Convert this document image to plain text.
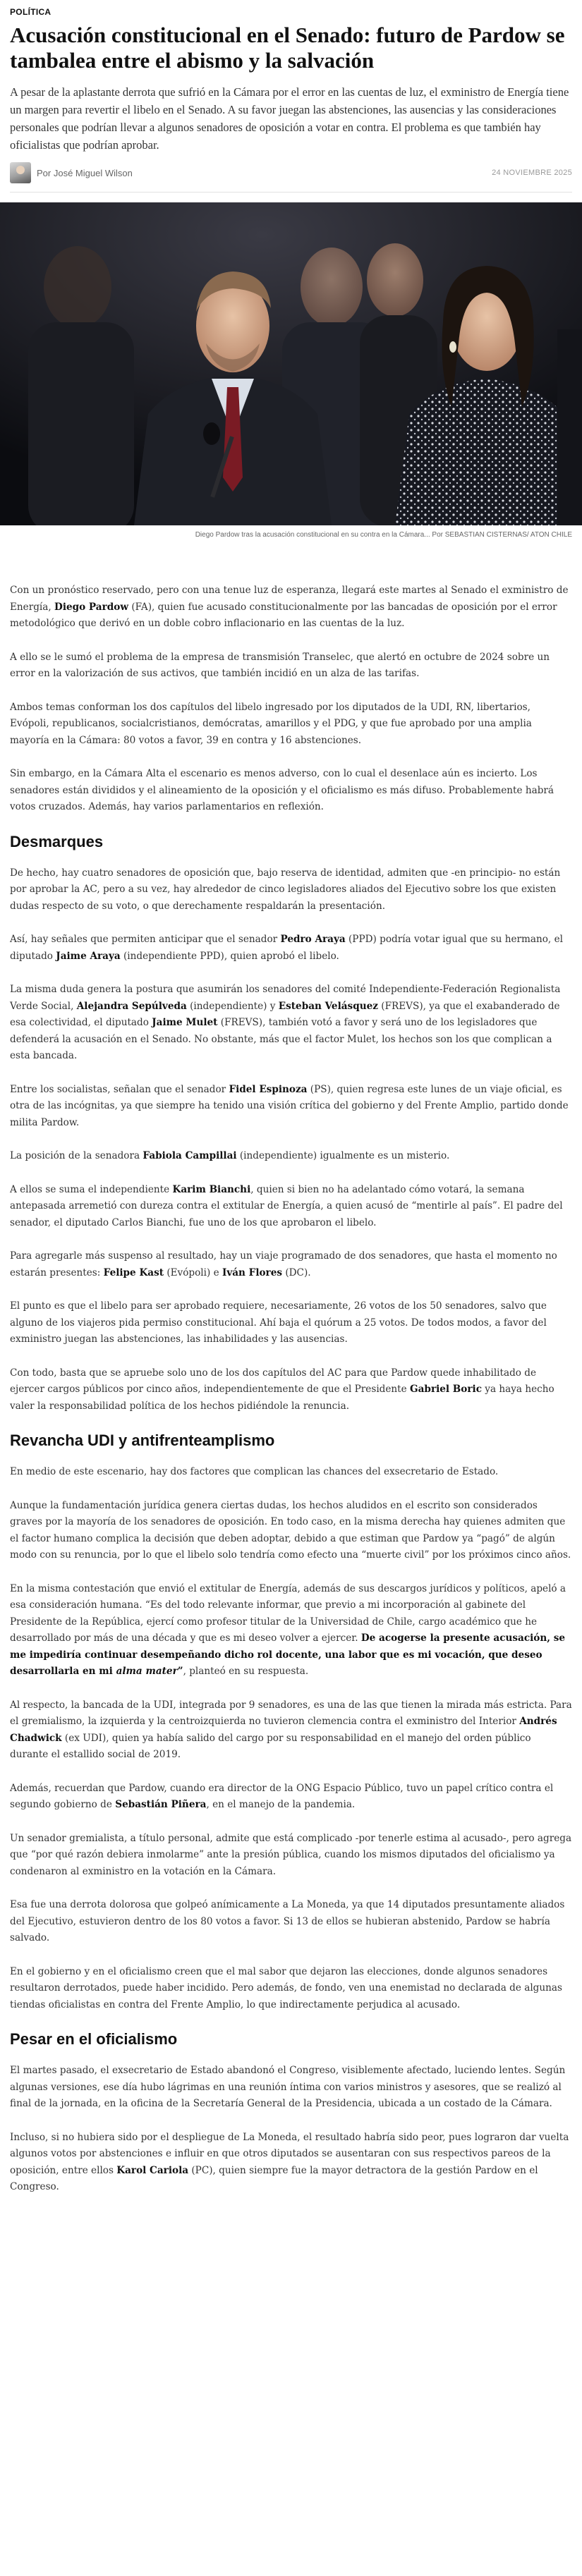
POLÍTICA
Acusación constitucional en el Senado: futuro de Pardow se tambalea entre el abismo y la salvación

A pesar de la aplastante derrota que sufrió en la Cámara por el error en las cuentas de luz, el exministro de Energía tiene un margen para revertir el libelo en el Senado. A su favor juegan las abstenciones, las ausencias y las consideraciones personales que podrían llevar a algunos senadores de oposición a votar en contra. El problema es que también hay oficialistas que podrían aprobar.

Por José Miguel Wilson	24 NOVIEMBRE 2025
Diego Pardow tras la acusación constitucional en su contra en la Cámara... Por SEBASTIAN CISTERNAS/ ATON CHILE

Con un pronóstico reservado, pero con una tenue luz de esperanza, llegará este martes al Senado el exministro de Energía, Diego Pardow (FA), quien fue acusado constitucionalmente por las bancadas de oposición por el error metodológico que derivó en un doble cobro inflacionario en las cuentas de la luz.

A ello se le sumó el problema de la empresa de transmisión Transelec, que alertó en octubre de 2024 sobre un error en la valorización de sus activos, que también incidió en un alza de las tarifas.

Ambos temas conforman los dos capítulos del libelo ingresado por los diputados de la UDI, RN, libertarios, Evópoli, republicanos, socialcristianos, demócratas, amarillos y el PDG, y que fue aprobado por una amplia mayoría en la Cámara: 80 votos a favor, 39 en contra y 16 abstenciones.

Sin embargo, en la Cámara Alta el escenario es menos adverso, con lo cual el desenlace aún es incierto. Los senadores están divididos y el alineamiento de la oposición y el oficialismo es más difuso. Probablemente habrá votos cruzados. Además, hay varios parlamentarios en reflexión.

Desmarques

De hecho, hay cuatro senadores de oposición que, bajo reserva de identidad, admiten que -en principio- no están por aprobar la AC, pero a su vez, hay alrededor de cinco legisladores aliados del Ejecutivo sobre los que existen dudas respecto de su voto, o que derechamente respaldarán la presentación.

Así, hay señales que permiten anticipar que el senador Pedro Araya (PPD) podría votar igual que su hermano, el diputado Jaime Araya (independiente PPD), quien aprobó el libelo.

La misma duda genera la postura que asumirán los senadores del comité Independiente-Federación Regionalista Verde Social, Alejandra Sepúlveda (independiente) y Esteban Velásquez (FREVS), ya que el exabanderado de esa colectividad, el diputado Jaime Mulet (FREVS), también votó a favor y será uno de los legisladores que defenderá la acusación en el Senado. No obstante, más que el factor Mulet, los hechos son los que complican a esta bancada.

Entre los socialistas, señalan que el senador Fidel Espinoza (PS), quien regresa este lunes de un viaje oficial, es otra de las incógnitas, ya que siempre ha tenido una visión crítica del gobierno y del Frente Amplio, partido donde milita Pardow.

La posición de la senadora Fabiola Campillai (independiente) igualmente es un misterio.

A ellos se suma el independiente Karim Bianchi, quien si bien no ha adelantado cómo votará, la semana antepasada arremetió con dureza contra el extitular de Energía, a quien acusó de “mentirle al país”. El padre del senador, el diputado Carlos Bianchi, fue uno de los que aprobaron el libelo.

Para agregarle más suspenso al resultado, hay un viaje programado de dos senadores, que hasta el momento no estarán presentes: Felipe Kast (Evópoli) e Iván Flores (DC).

El punto es que el libelo para ser aprobado requiere, necesariamente, 26 votos de los 50 senadores, salvo que alguno de los viajeros pida permiso constitucional. Ahí baja el quórum a 25 votos. De todos modos, a favor del exministro juegan las abstenciones, las inhabilidades y las ausencias.

Con todo, basta que se apruebe solo uno de los dos capítulos del AC para que Pardow quede inhabilitado de ejercer cargos públicos por cinco años, independientemente de que el Presidente Gabriel Boric ya haya hecho valer la responsabilidad política de los hechos pidiéndole la renuncia.

Revancha UDI y antifrenteamplismo

En medio de este escenario, hay dos factores que complican las chances del exsecretario de Estado.

Aunque la fundamentación jurídica genera ciertas dudas, los hechos aludidos en el escrito son considerados graves por la mayoría de los senadores de oposición. En todo caso, en la misma derecha hay quienes admiten que el factor humano complica la decisión que deben adoptar, debido a que estiman que Pardow ya “pagó” de algún modo con su renuncia, por lo que el libelo solo tendría como efecto una “muerte civil” por los próximos cinco años.

En la misma contestación que envió el extitular de Energía, además de sus descargos jurídicos y políticos, apeló a esa consideración humana. “Es del todo relevante informar, que previo a mi incorporación al gabinete del Presidente de la República, ejercí como profesor titular de la Universidad de Chile, cargo académico que he desarrollado por más de una década y que es mi deseo volver a ejercer. De acogerse la presente acusación, se me impediría continuar desempeñando dicho rol docente, una labor que es mi vocación, que deseo desarrollarla en mi alma mater”, planteó en su respuesta.

Al respecto, la bancada de la UDI, integrada por 9 senadores, es una de las que tienen la mirada más estricta. Para el gremialismo, la izquierda y la centroizquierda no tuvieron clemencia contra el exministro del Interior Andrés Chadwick (ex UDI), quien ya había salido del cargo por su responsabilidad en el manejo del orden público durante el estallido social de 2019.

Además, recuerdan que Pardow, cuando era director de la ONG Espacio Público, tuvo un papel crítico contra el segundo gobierno de Sebastián Piñera, en el manejo de la pandemia.

Un senador gremialista, a título personal, admite que está complicado -por tenerle estima al acusado-, pero agrega que “por qué razón debiera inmolarme” ante la presión pública, cuando los mismos diputados del oficialismo ya condenaron al exministro en la votación en la Cámara.

Esa fue una derrota dolorosa que golpeó anímicamente a La Moneda, ya que 14 diputados presuntamente aliados del Ejecutivo, estuvieron dentro de los 80 votos a favor. Si 13 de ellos se hubieran abstenido, Pardow se habría salvado.

En el gobierno y en el oficialismo creen que el mal sabor que dejaron las elecciones, donde algunos senadores resultaron derrotados, puede haber incidido. Pero además, de fondo, ven una enemistad no declarada de algunas tiendas oficialistas en contra del Frente Amplio, lo que indirectamente perjudica al acusado.

Pesar en el oficialismo

El martes pasado, el exsecretario de Estado abandonó el Congreso, visiblemente afectado, luciendo lentes. Según algunas versiones, ese día hubo lágrimas en una reunión íntima con varios ministros y asesores, que se realizó al final de la jornada, en la oficina de la Secretaría General de la Presidencia, ubicada a un costado de la Cámara.

Incluso, si no hubiera sido por el despliegue de La Moneda, el resultado habría sido peor, pues lograron dar vuelta algunos votos por abstenciones e influir en que otros diputados se ausentaran con sus respectivos pareos de la oposición, entre ellos Karol Cariola (PC), quien siempre fue la mayor detractora de la gestión Pardow en el Congreso.
